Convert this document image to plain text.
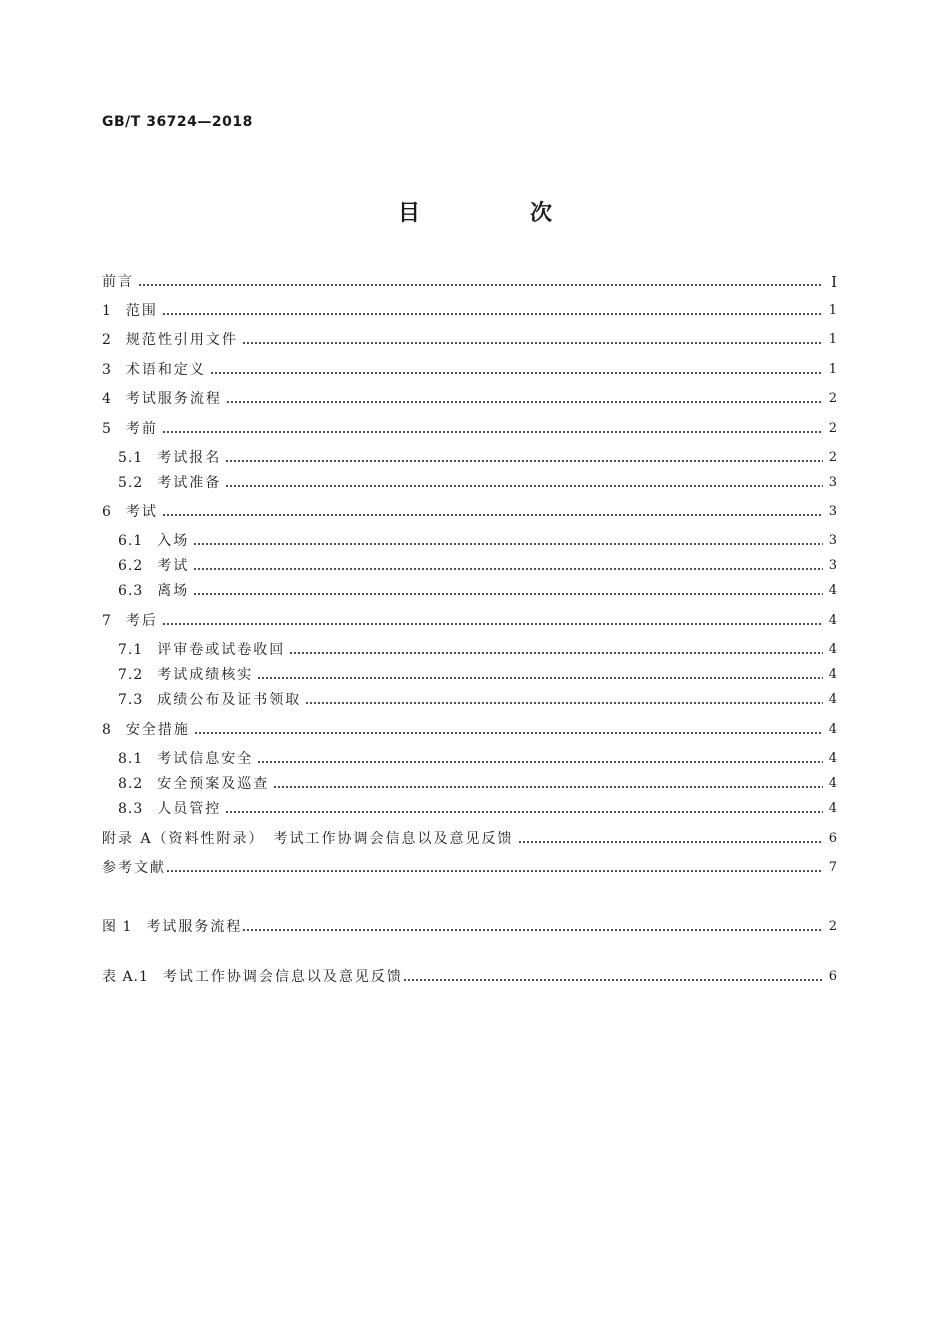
GB/T 36724—2018
目　次
前言	Ⅰ
1 范围	1
2 规范性引用文件	1
3 术语和定义	1
4 考试服务流程	2
5 考前	2
5.1 考试报名	2
5.2 考试准备	3
6 考试	3
6.1 入场	3
6.2 考试	3
6.3 离场	4
7 考后	4
7.1 评审卷或试卷收回	4
7.2 考试成绩核实	4
7.3 成绩公布及证书领取	4
8 安全措施	4
8.1 考试信息安全	4
8.2 安全预案及巡查	4
8.3 人员管控	4
附录 A（资料性附录）　考试工作协调会信息以及意见反馈	6
参考文献	7
图 1 考试服务流程	2
表 A.1 考试工作协调会信息以及意见反馈	6
